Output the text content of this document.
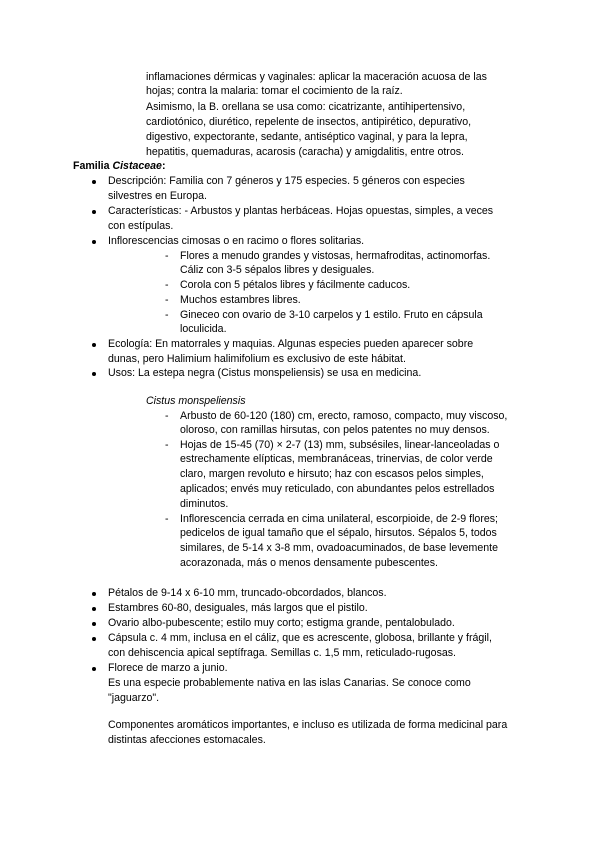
inflamaciones dérmicas y vaginales: aplicar la maceración acuosa de las
hojas; contra la malaria: tomar el cocimiento de la raíz.
Asimismo, la B. orellana se usa como: cicatrizante, antihipertensivo,
cardiotónico, diurético, repelente de insectos, antipirético, depurativo,
digestivo, expectorante, sedante, antiséptico vaginal, y para la lepra,
hepatitis, quemaduras, acarosis (caracha) y amigdalitis, entre otros.
Familia Cistaceae:
Descripción: Familia con 7 géneros y 175 especies. 5 géneros con especies
silvestres en Europa.
Características: - Arbustos y plantas herbáceas. Hojas opuestas, simples, a veces
con estípulas.
Inflorescencias cimosas o en racimo o flores solitarias.
- Flores a menudo grandes y vistosas, hermafroditas, actinomorfas.
Cáliz con 3-5 sépalos libres y desiguales.
- Corola con 5 pétalos libres y fácilmente caducos.
- Muchos estambres libres.
- Gineceo con ovario de 3-10 carpelos y 1 estilo. Fruto en cápsula
loculicida.
Ecología: En matorrales y maquias. Algunas especies pueden aparecer sobre
dunas, pero Halimium halimifolium es exclusivo de este hábitat.
Usos: La estepa negra (Cistus monspeliensis) se usa en medicina.
Cistus monspeliensis
- Arbusto de 60-120 (180) cm, erecto, ramoso, compacto, muy viscoso,
oloroso, con ramillas hirsutas, con pelos patentes no muy densos.
- Hojas de 15-45 (70) × 2-7 (13) mm, subsésiles, linear-lanceoladas o
estrechamente elípticas, membranáceas, trinervias, de color verde
claro, margen revoluto e hirsuto; haz con escasos pelos simples,
aplicados; envés muy reticulado, con abundantes pelos estrellados
diminutos.
- Inflorescencia cerrada en cima unilateral, escorpioide, de 2-9 flores;
pedicelos de igual tamaño que el sépalo, hirsutos. Sépalos 5, todos
similares, de 5-14 x 3-8 mm, ovadoacuminados, de base levemente
acorazonada, más o menos densamente pubescentes.
Pétalos de 9-14 x 6-10 mm, truncado-obcordados, blancos.
Estambres 60-80, desiguales, más largos que el pistilo.
Ovario albo-pubescente; estilo muy corto; estigma grande, pentalobulado.
Cápsula c. 4 mm, inclusa en el cáliz, que es acrescente, globosa, brillante y frágil,
con dehiscencia apical septífraga. Semillas c. 1,5 mm, reticulado-rugosas.
Florece de marzo a junio.
Es una especie probablemente nativa en las islas Canarias. Se conoce como
"jaguarzo".
Componentes aromáticos importantes, e incluso es utilizada de forma medicinal para
distintas afecciones estomacales.
